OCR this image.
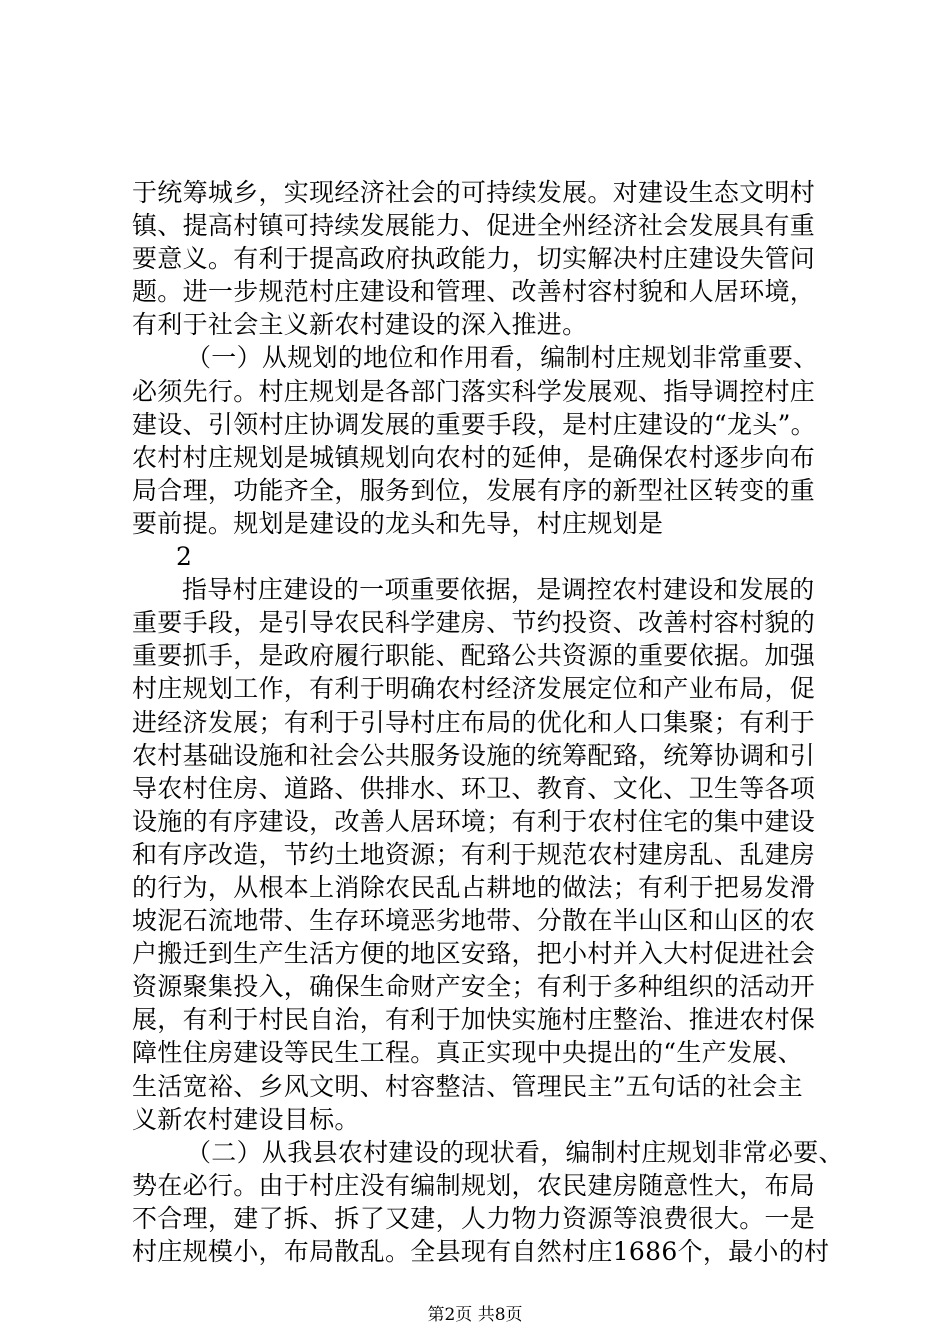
于统筹城乡，实现经济社会的可持续发展。对建设生态文明村
镇、提高村镇可持续发展能力、促进全州经济社会发展具有重
要意义。有利于提高政府执政能力，切实解决村庄建设失管问
题。进一步规范村庄建设和管理、改善村容村貌和人居环境，
有利于社会主义新农村建设的深入推进。
（一）从规划的地位和作用看，编制村庄规划非常重要、
必须先行。村庄规划是各部门落实科学发展观、指导调控村庄
建设、引领村庄协调发展的重要手段，是村庄建设的“龙头”。
农村村庄规划是城镇规划向农村的延伸，是确保农村逐步向布
局合理，功能齐全，服务到位，发展有序的新型社区转变的重
要前提。规划是建设的龙头和先导，村庄规划是
2
指导村庄建设的一项重要依据，是调控农村建设和发展的
重要手段，是引导农民科学建房、节约投资、改善村容村貌的
重要抓手，是政府履行职能、配臵公共资源的重要依据。加强
村庄规划工作，有利于明确农村经济发展定位和产业布局，促
进经济发展；有利于引导村庄布局的优化和人口集聚；有利于
农村基础设施和社会公共服务设施的统筹配臵，统筹协调和引
导农村住房、道路、供排水、环卫、教育、文化、卫生等各项
设施的有序建设，改善人居环境；有利于农村住宅的集中建设
和有序改造，节约土地资源；有利于规范农村建房乱、乱建房
的行为，从根本上消除农民乱占耕地的做法；有利于把易发滑
坡泥石流地带、生存环境恶劣地带、分散在半山区和山区的农
户搬迁到生产生活方便的地区安臵，把小村并入大村促进社会
资源聚集投入，确保生命财产安全；有利于多种组织的活动开
展，有利于村民自治，有利于加快实施村庄整治、推进农村保
障性住房建设等民生工程。真正实现中央提出的“生产发展、
生活宽裕、乡风文明、村容整洁、管理民主”五句话的社会主
义新农村建设目标。
（二）从我县农村建设的现状看，编制村庄规划非常必要、
势在必行。由于村庄没有编制规划，农民建房随意性大，布局
不合理，建了拆、拆了又建，人力物力资源等浪费很大。一是
村庄规模小，布局散乱。全县现有自然村庄1686个，最小的村
第2页 共8页
